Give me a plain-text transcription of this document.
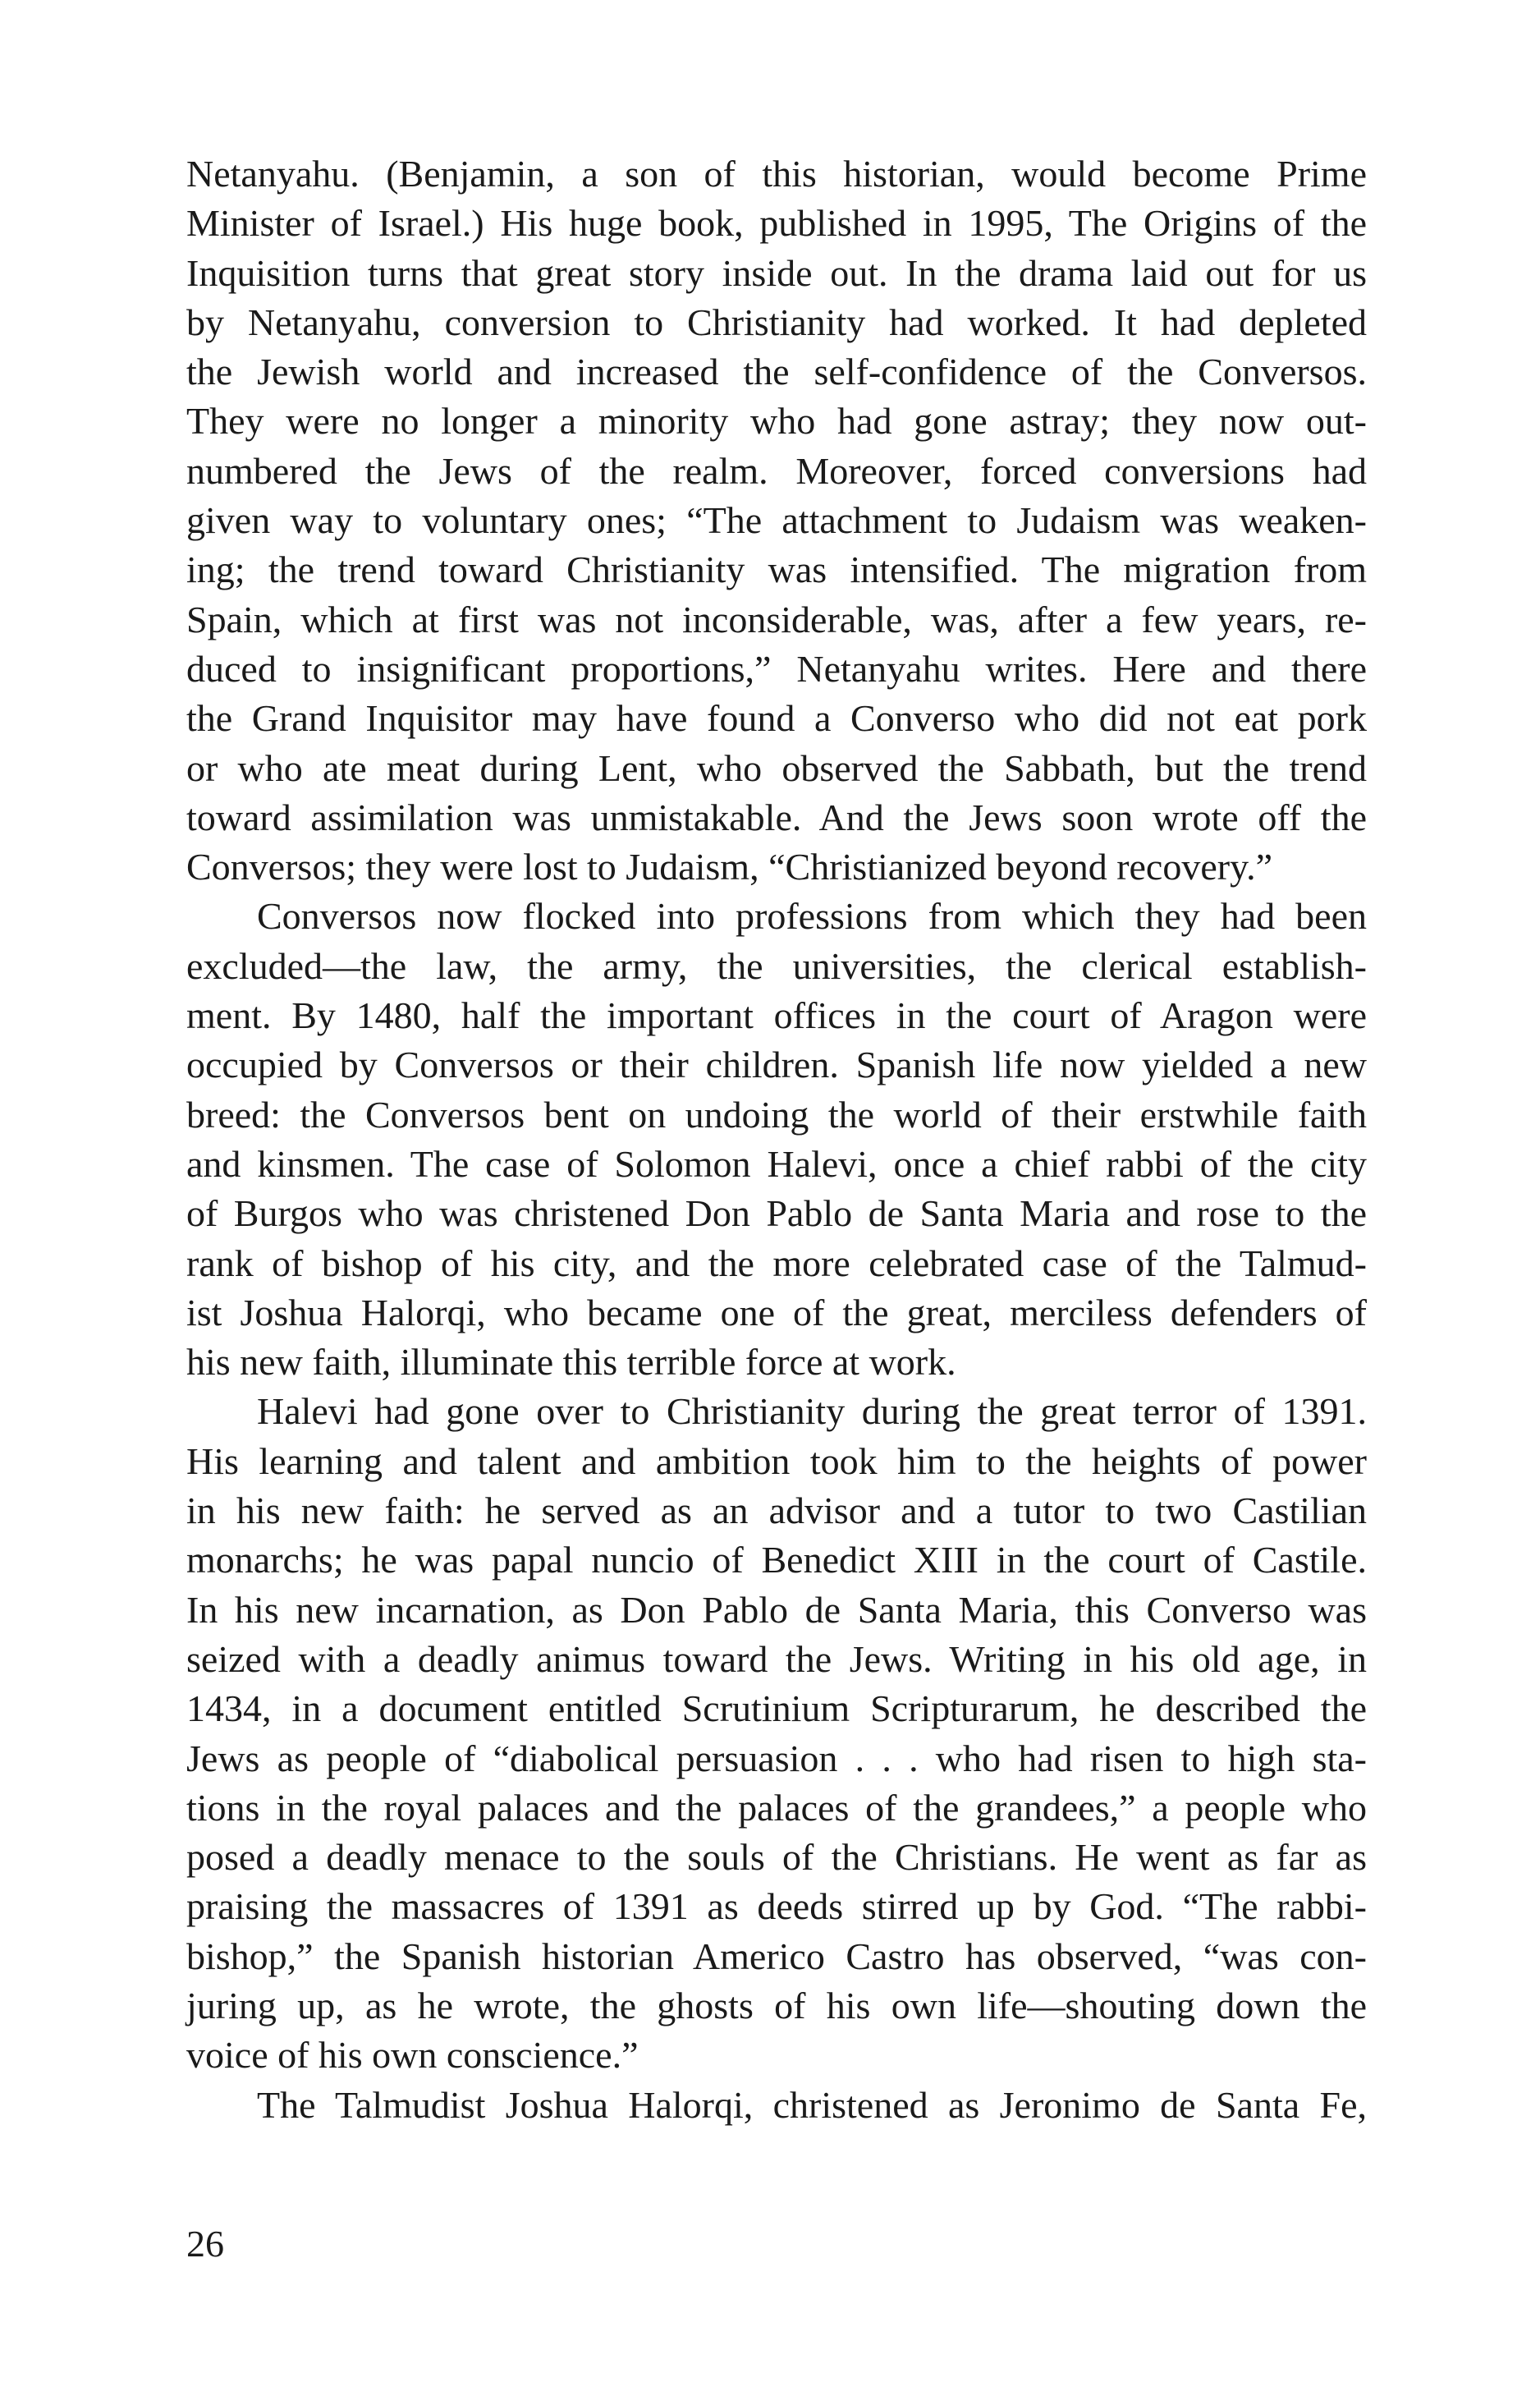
Netanyahu. (Benjamin, a son of this historian, would become Prime
Minister of Israel.) His huge book, published in 1995, The Origins of the
Inquisition turns that great story inside out. In the drama laid out for us
by Netanyahu, conversion to Christianity had worked. It had depleted
the Jewish world and increased the self-confidence of the Conversos.
They were no longer a minority who had gone astray; they now out-
numbered the Jews of the realm. Moreover, forced conversions had
given way to voluntary ones; “The attachment to Judaism was weaken-
ing; the trend toward Christianity was intensified. The migration from
Spain, which at first was not inconsiderable, was, after a few years, re-
duced to insignificant proportions,” Netanyahu writes. Here and there
the Grand Inquisitor may have found a Converso who did not eat pork
or who ate meat during Lent, who observed the Sabbath, but the trend
toward assimilation was unmistakable. And the Jews soon wrote off the
Conversos; they were lost to Judaism, “Christianized beyond recovery.”
Conversos now flocked into professions from which they had been
excluded—the law, the army, the universities, the clerical establish-
ment. By 1480, half the important offices in the court of Aragon were
occupied by Conversos or their children. Spanish life now yielded a new
breed: the Conversos bent on undoing the world of their erstwhile faith
and kinsmen. The case of Solomon Halevi, once a chief rabbi of the city
of Burgos who was christened Don Pablo de Santa Maria and rose to the
rank of bishop of his city, and the more celebrated case of the Talmud-
ist Joshua Halorqi, who became one of the great, merciless defenders of
his new faith, illuminate this terrible force at work.
Halevi had gone over to Christianity during the great terror of 1391.
His learning and talent and ambition took him to the heights of power
in his new faith: he served as an advisor and a tutor to two Castilian
monarchs; he was papal nuncio of Benedict XIII in the court of Castile.
In his new incarnation, as Don Pablo de Santa Maria, this Converso was
seized with a deadly animus toward the Jews. Writing in his old age, in
1434, in a document entitled Scrutinium Scripturarum, he described the
Jews as people of “diabolical persuasion . . . who had risen to high sta-
tions in the royal palaces and the palaces of the grandees,” a people who
posed a deadly menace to the souls of the Christians. He went as far as
praising the massacres of 1391 as deeds stirred up by God. “The rabbi-
bishop,” the Spanish historian Americo Castro has observed, “was con-
juring up, as he wrote, the ghosts of his own life—shouting down the
voice of his own conscience.”
The Talmudist Joshua Halorqi, christened as Jeronimo de Santa Fe,
26
